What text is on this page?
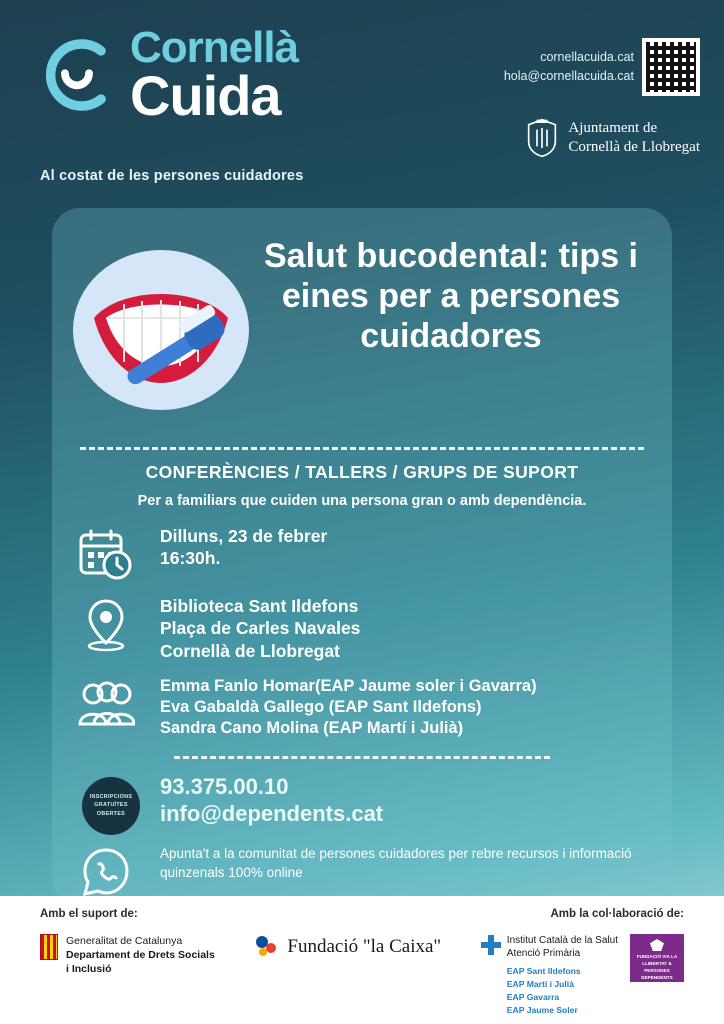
Cornellà
Cuida
Al costat de les persones cuidadores
cornellacuida.cat
hola@cornellacuida.cat
Ajuntament de
Cornellà de Llobregat
Salut bucodental: tips i eines per a persones cuidadores
CONFERÈNCIES / TALLERS / GRUPS DE SUPORT
Per a familiars que cuiden una persona gran o amb dependència.
Dilluns, 23 de febrer
16:30h.
Biblioteca Sant Ildefons
Plaça de Carles Navales
Cornellà de Llobregat
Emma Fanlo Homar(EAP Jaume soler i Gavarra)
Eva Gabaldà Gallego (EAP Sant Ildefons)
Sandra Cano Molina (EAP Martí i Julià)
INSCRIPCIONS
GRATUÏTES
OBERTES
93.375.00.10
info@dependents.cat
Apunta't a la comunitat de persones cuidadores per rebre recursos i informació quinzenals 100% online
Amb el suport de:	Amb la col·laboració de:
Generalitat de Catalunya
Departament de Drets Socials
i Inclusió
Fundació "la Caixa"	Institut Català de la Salut
Atenció Primària
EAP Sant Ildefons
EAP Martí i Julià
EAP Gavarra
EAP Jaume Soler
FUNDACIÓ VIA LA LLIBERTAT & PERSONES DEPENDENTS
